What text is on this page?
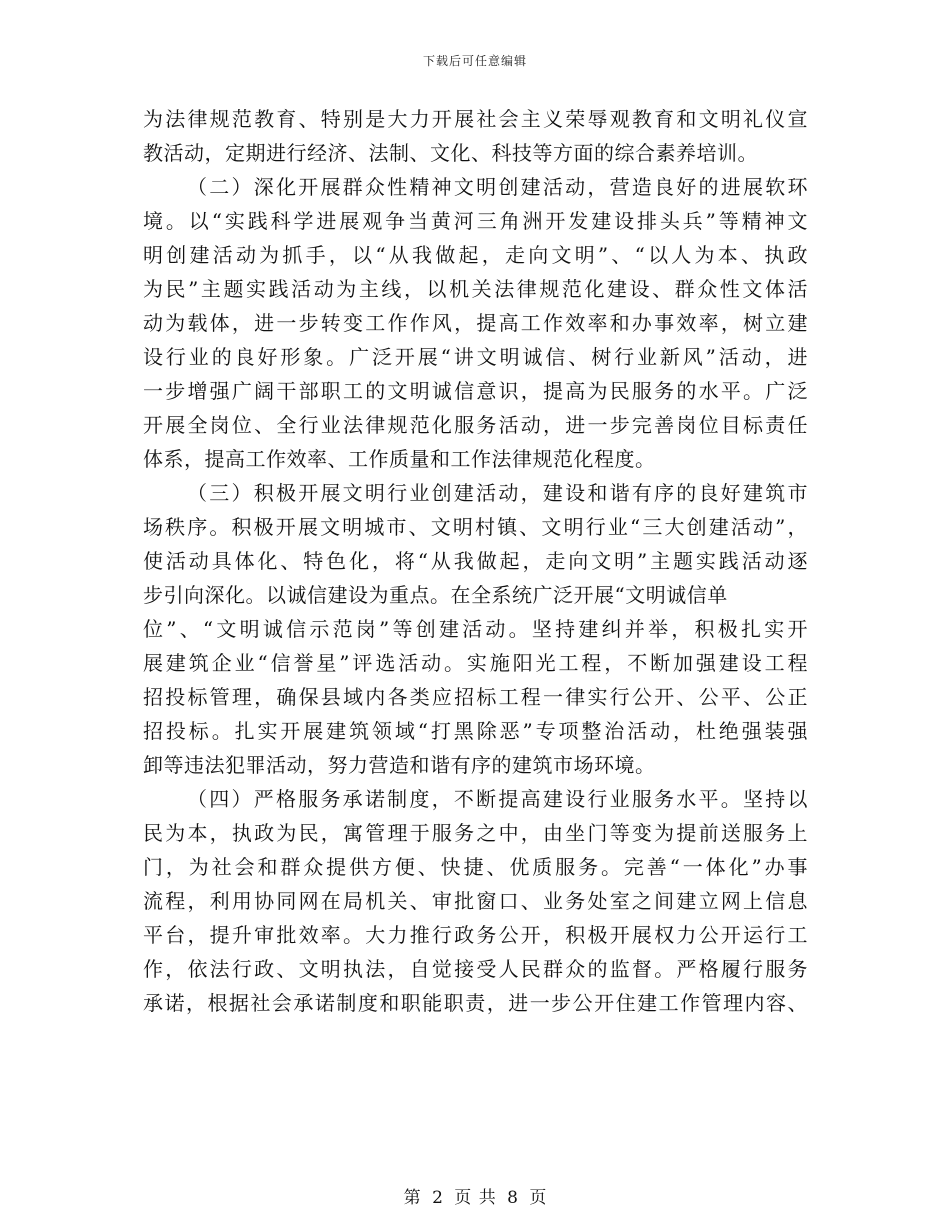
下载后可任意编辑
为法律规范教育、特别是大力开展社会主义荣辱观教育和文明礼仪宣
教活动，定期进行经济、法制、文化、科技等方面的综合素养培训。
（二）深化开展群众性精神文明创建活动，营造良好的进展软环
境。以“实践科学进展观争当黄河三角洲开发建设排头兵”等精神文
明创建活动为抓手，以“从我做起，走向文明”、“以人为本、执政
为民”主题实践活动为主线，以机关法律规范化建设、群众性文体活
动为载体，进一步转变工作作风，提高工作效率和办事效率，树立建
设行业的良好形象。广泛开展“讲文明诚信、树行业新风”活动，进
一步增强广阔干部职工的文明诚信意识，提高为民服务的水平。广泛
开展全岗位、全行业法律规范化服务活动，进一步完善岗位目标责任
体系，提高工作效率、工作质量和工作法律规范化程度。
（三）积极开展文明行业创建活动，建设和谐有序的良好建筑市
场秩序。积极开展文明城市、文明村镇、文明行业“三大创建活动”，
使活动具体化、特色化，将“从我做起，走向文明”主题实践活动逐
步引向深化。以诚信建设为重点。在全系统广泛开展“文明诚信单
位”、“文明诚信示范岗”等创建活动。坚持建纠并举，积极扎实开
展建筑企业“信誉星”评选活动。实施阳光工程，不断加强建设工程
招投标管理，确保县域内各类应招标工程一律实行公开、公平、公正
招投标。扎实开展建筑领域“打黑除恶”专项整治活动，杜绝强装强
卸等违法犯罪活动，努力营造和谐有序的建筑市场环境。
（四）严格服务承诺制度，不断提高建设行业服务水平。坚持以
民为本，执政为民，寓管理于服务之中，由坐门等变为提前送服务上
门，为社会和群众提供方便、快捷、优质服务。完善“一体化”办事
流程，利用协同网在局机关、审批窗口、业务处室之间建立网上信息
平台，提升审批效率。大力推行政务公开，积极开展权力公开运行工
作，依法行政、文明执法，自觉接受人民群众的监督。严格履行服务
承诺，根据社会承诺制度和职能职责，进一步公开住建工作管理内容、
第 2 页 共 8 页
